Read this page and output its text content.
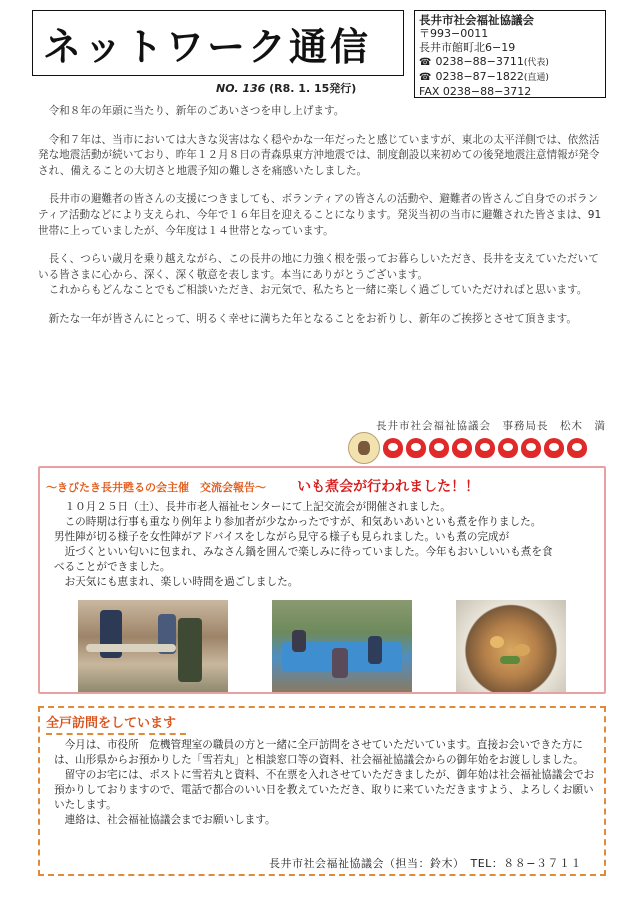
ネットワーク通信
NO. 136 (R8. 1. 15発行)
長井市社会福祉協議会
〒993−0011
長井市館町北6−19
☎ 0238−88−3711(代表)
☎ 0238−87−1822(直通)
FAX 0238−88−3712

令和８年の年頭に当たり、新年のごあいさつを申し上げます。

令和７年は、当市においては大きな災害はなく穏やかな一年だったと感じていますが、東北の太平洋側では、依然活発な地震活動が続いており、昨年１２月８日の青森県東方沖地震では、制度創設以来初めての後発地震注意情報が発令され、備えることの大切さと地震予知の難しさを痛感いたしました。

長井市の避難者の皆さんの支援につきましても、ボランティアの皆さんの活動や、避難者の皆さんご自身でのボランティア活動などにより支えられ、今年で１６年目を迎えることになります。発災当初の当市に避難された皆さまは、91世帯に上っていましたが、今年度は１４世帯となっています。

長く、つらい歳月を乗り越えながら、この長井の地に力強く根を張ってお暮らしいただき、長井を支えていただいている皆さまに心から、深く、深く敬意を表します。本当にありがとうございます。

これからもどんなことでもご相談いただき、お元気で、私たちと一緒に楽しく過ごしていただければと思います。

新たな一年が皆さんにとって、明るく幸せに満ちた年となることをお祈りし、新年のご挨拶とさせて頂きます。

長井市社会福祉協議会　事務局長　松木　満
〜きびたき長井甦るの会主催　交流会報告〜 いも煮会が行われました！！

１０月２５日（土）、長井市老人福祉センターにて上記交流会が開催されました。

この時期は行事も重なり例年より参加者が少なかったですが、和気あいあいといも煮を作りました。

男性陣が切る様子を女性陣がアドバイスをしながら見守る様子も見られました。いも煮の完成が

近づくといい匂いに包まれ、みなさん鍋を囲んで楽しみに待っていました。今年もおいしいいも煮を食

べることができました。

お天気にも恵まれ、楽しい時間を過ごしました。

全戸訪問をしています

今月は、市役所　危機管理室の職員の方と一緒に全戸訪問をさせていただいています。直接お会いできた方には、山形県からお預かりした「雪若丸」と相談窓口等の資料、社会福祉協議会からの御年始をお渡ししました。

留守のお宅には、ポストに雪若丸と資料、不在票を入れさせていただきましたが、御年始は社会福祉協議会でお預かりしておりますので、電話で都合のいい日を教えていただき、取りに来ていただきますよう、よろしくお願いいたします。

連絡は、社会福祉協議会までお願いします。

長井市社会福祉協議会（担当：鈴木）　TEL：８８−３７１１
